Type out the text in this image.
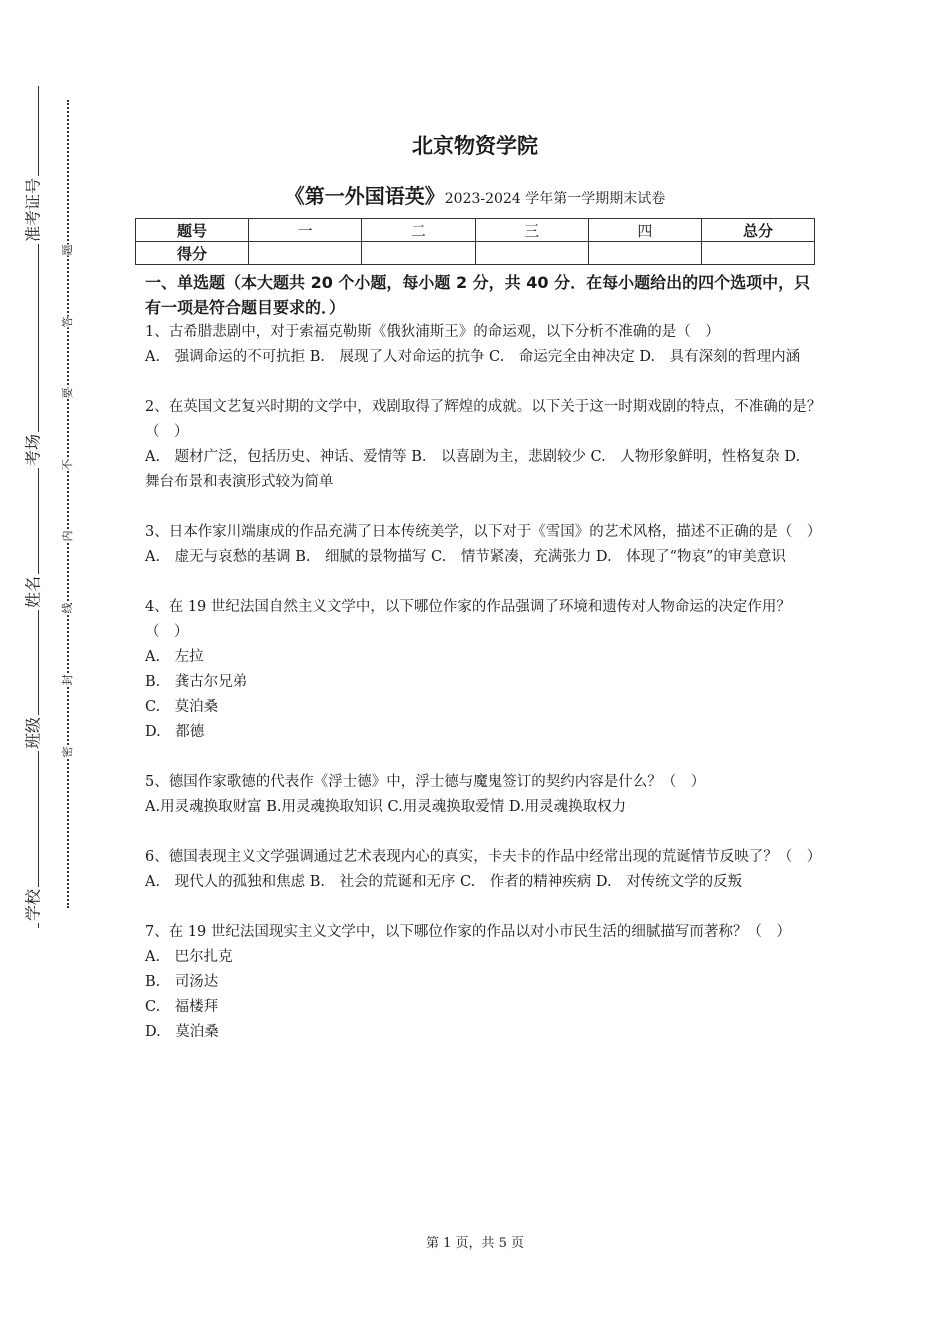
准考证号
考场
姓名
班级
学校
题
答
要
不
内
线
封
密
北京物资学院
《第一外国语英》2023-2024 学年第一学期期末试卷
题号	一	二	三	四	总分
得分					
一、单选题（本大题共 20 个小题，每小题 2 分，共 40 分．在每小题给出的四个选项中，只有一项是符合题目要求的．）

1、古希腊悲剧中，对于索福克勒斯《俄狄浦斯王》的命运观，以下分析不准确的是（　）

A.　强调命运的不可抗拒 B.　展现了人对命运的抗争 C.　命运完全由神决定 D.　具有深刻的哲理内涵

2、在英国文艺复兴时期的文学中，戏剧取得了辉煌的成就。以下关于这一时期戏剧的特点，不准确的是？（　）

A.　题材广泛，包括历史、神话、爱情等 B.　以喜剧为主，悲剧较少 C.　人物形象鲜明，性格复杂 D.　舞台布景和表演形式较为简单

3、日本作家川端康成的作品充满了日本传统美学，以下对于《雪国》的艺术风格，描述不正确的是（　）

A.　虚无与哀愁的基调 B.　细腻的景物描写 C.　情节紧凑，充满张力 D.　体现了“物哀”的审美意识

4、在 19 世纪法国自然主义文学中，以下哪位作家的作品强调了环境和遗传对人物命运的决定作用？（　）

A.　左拉
B.　龚古尔兄弟
C.　莫泊桑
D.　都德

5、德国作家歌德的代表作《浮士德》中，浮士德与魔鬼签订的契约内容是什么？（　）

A.用灵魂换取财富 B.用灵魂换取知识 C.用灵魂换取爱情 D.用灵魂换取权力

6、德国表现主义文学强调通过艺术表现内心的真实，卡夫卡的作品中经常出现的荒诞情节反映了？（　）

A.　现代人的孤独和焦虑 B.　社会的荒诞和无序 C.　作者的精神疾病 D.　对传统文学的反叛

7、在 19 世纪法国现实主义文学中，以下哪位作家的作品以对小市民生活的细腻描写而著称？（　）

A.　巴尔扎克
B.　司汤达
C.　福楼拜
D.　莫泊桑
第 1 页，共 5 页
